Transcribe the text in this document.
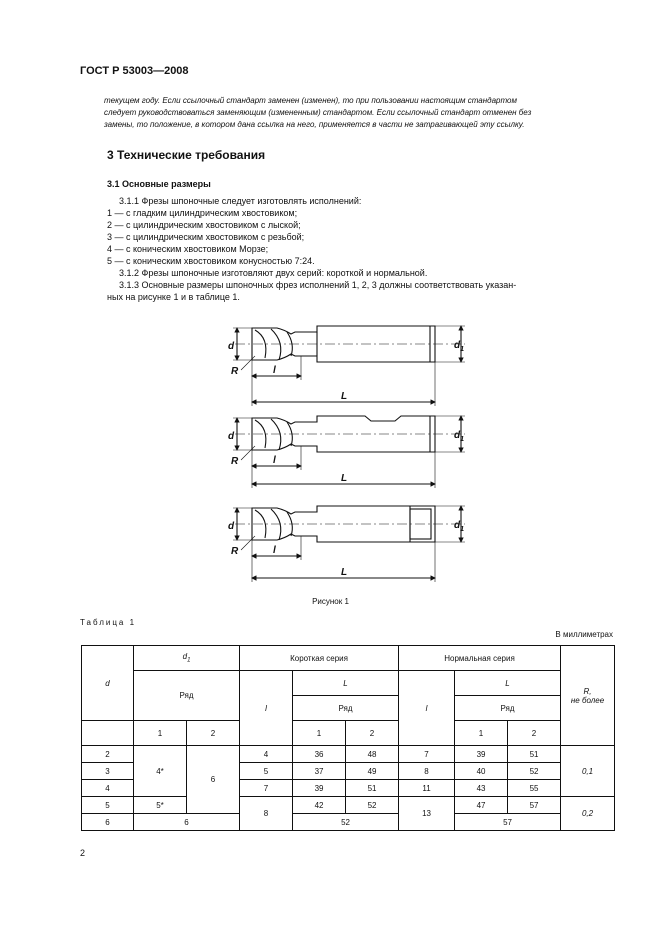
ГОСТ Р 53003—2008
текущем году. Если ссылочный стандарт заменен (изменен), то при пользовании настоящим стандартом
следует руководствоваться заменяющим (измененным) стандартом. Если ссылочный стандарт отменен без
замены, то положение, в котором дана ссылка на него, применяется в части не затрагивающей эту ссылку.
3 Технические требования
3.1 Основные размеры
3.1.1 Фрезы шпоночные следует изготовлять исполнений:
1 — с гладким цилиндрическим хвостовиком;
2 — с цилиндрическим хвостовиком с лыской;
3 — с цилиндрическим хвостовиком с резьбой;
4 — с коническим хвостовиком Морзе;
5 — с коническим хвостовиком конусностью 7:24.
3.1.2 Фрезы шпоночные изготовляют двух серий: короткой и нормальной.
3.1.3 Основные размеры шпоночных фрез исполнений 1, 2, 3 должны соответствовать указан-
ных на рисунке 1 и в таблице 1.
d	$d_1$
R	l
L
d	$d_1$
R	l
L
d	$d_1$
R	l
L
Рисунок 1
Таблица 1
В миллиметрах
d	$d_1$		Короткая серия			Нормальная серия			R,
не более

	Ряд		l	L		l	L		
				Ряд			Ряд		
	1	2		1	2		1	2	
2	4*	6	4	36	48	7	39	51	0,1
3			5	37	49	8	40	52	
4			7	39	51	11	43	55	
5	5*		8	42	52	13	47	57	0,2
6	6			52			57		
2
